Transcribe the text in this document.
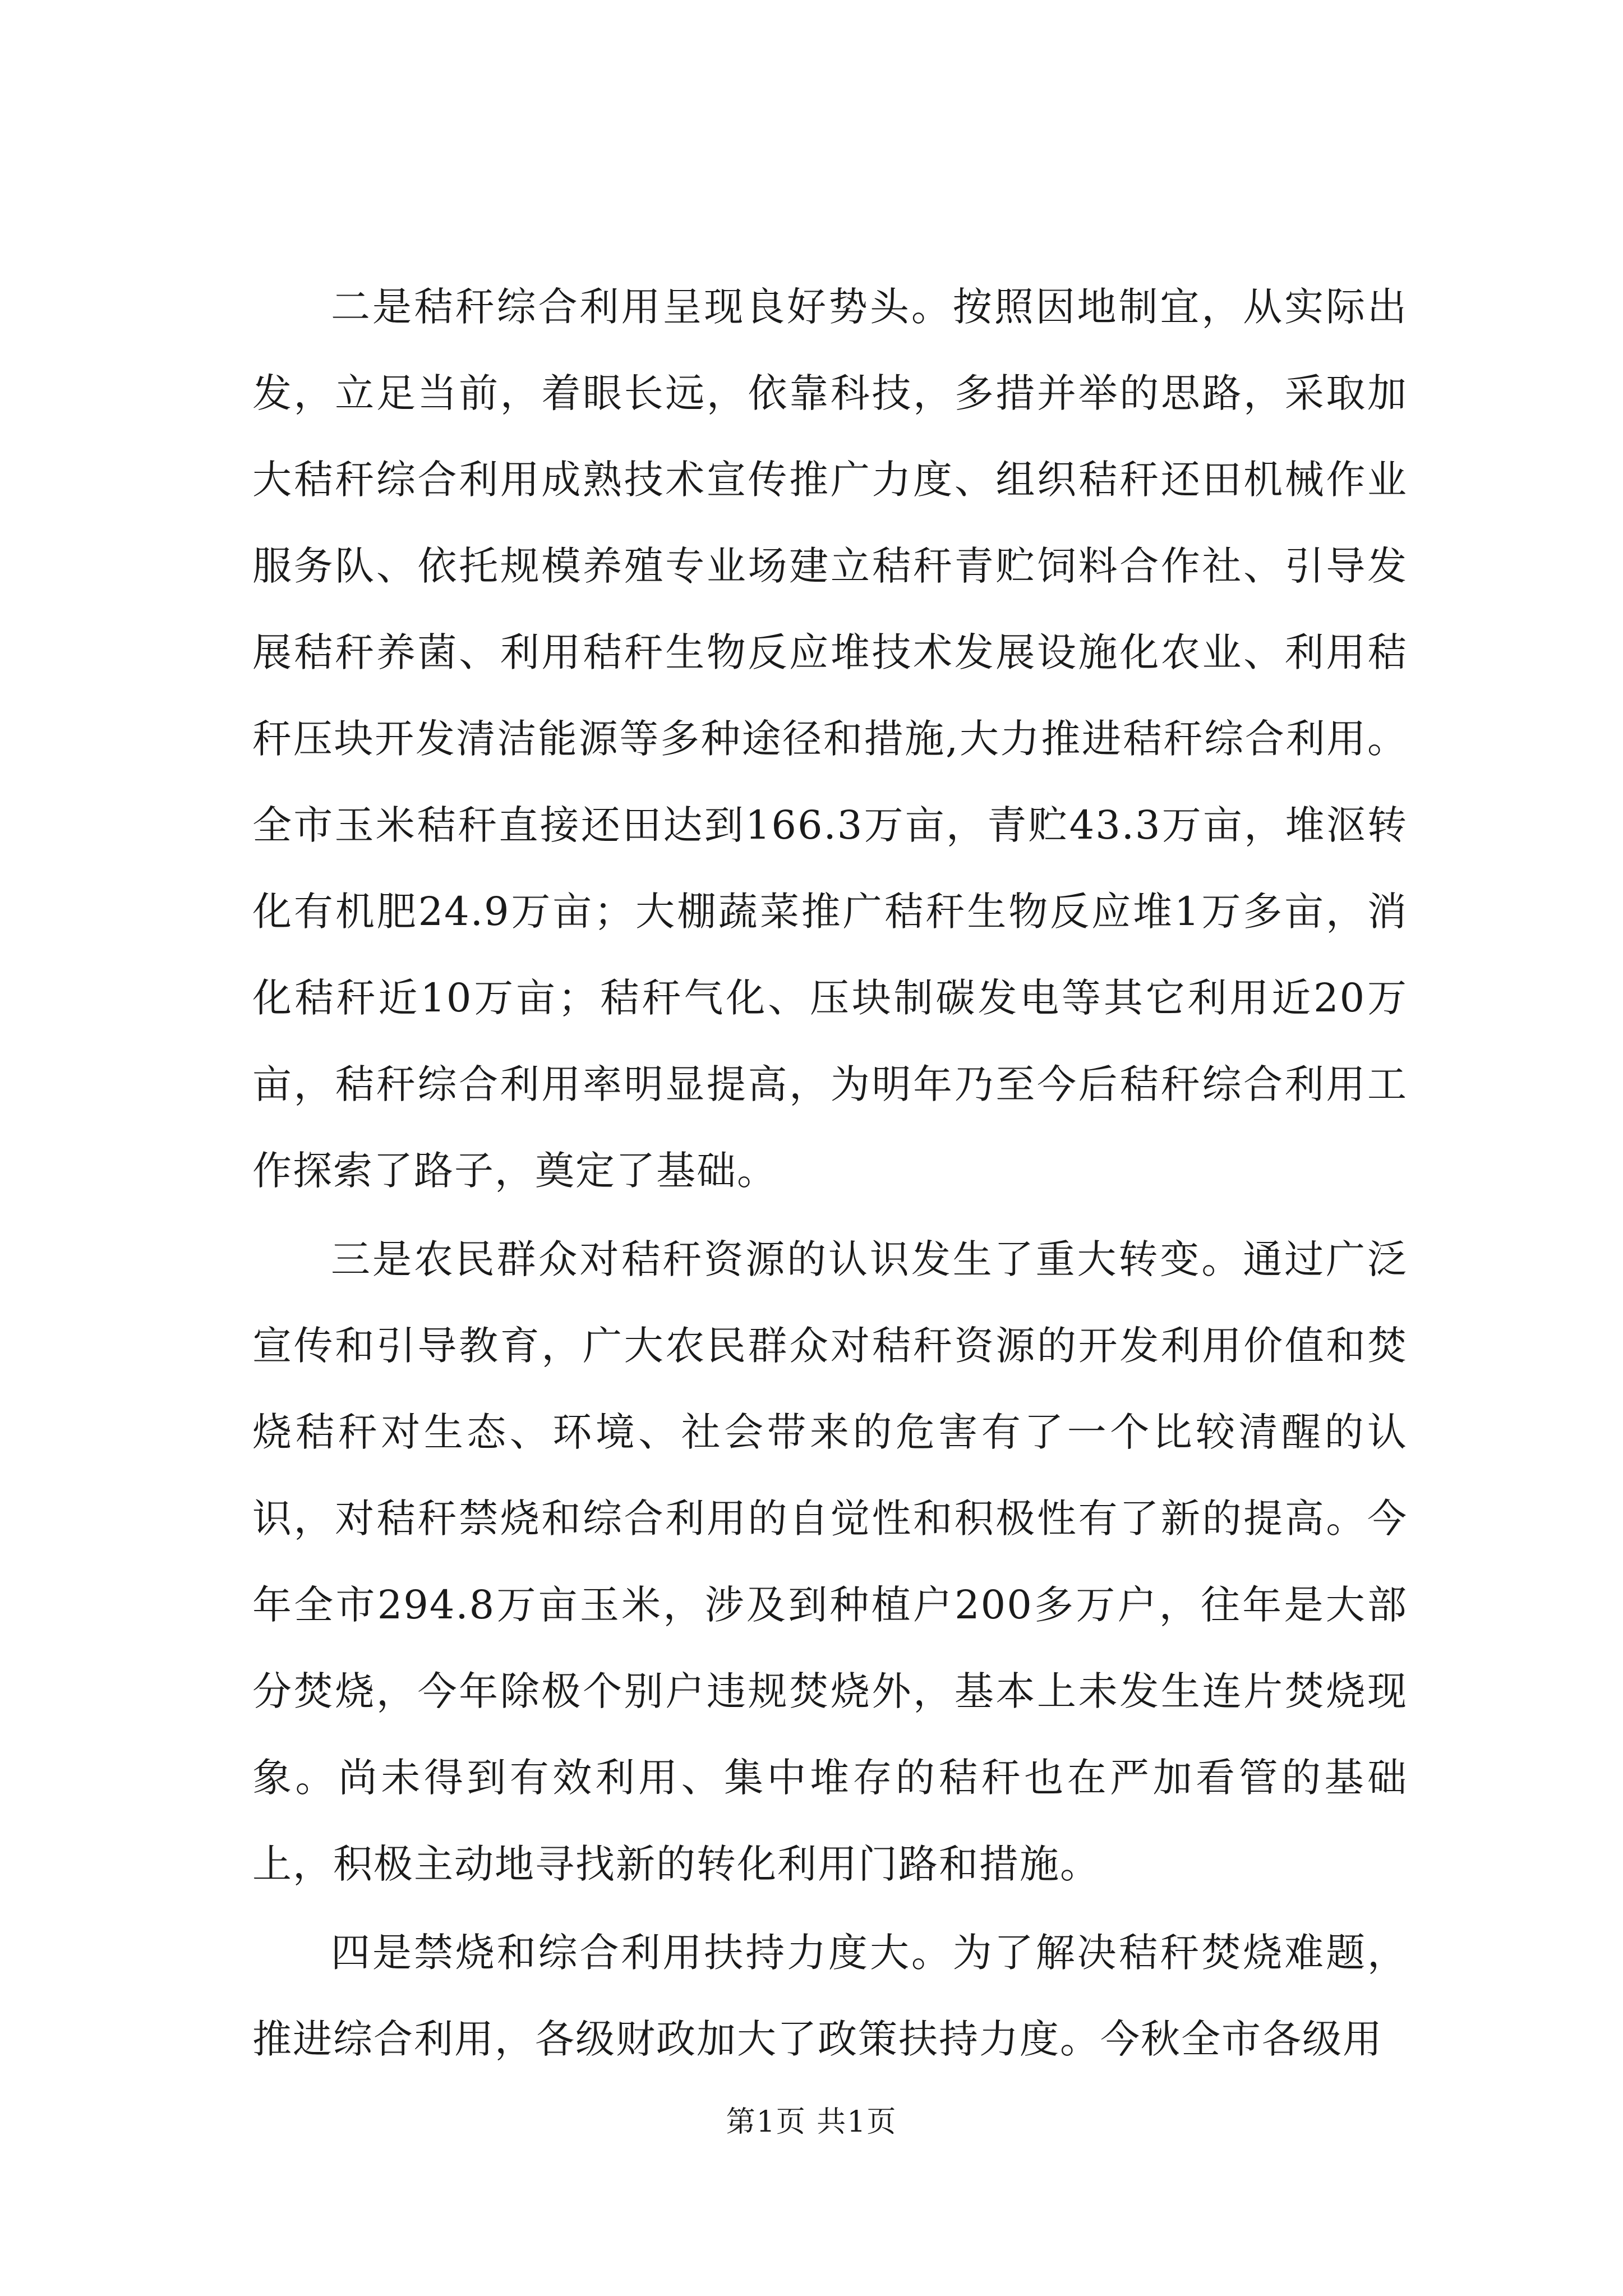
二是秸秆综合利用呈现良好势头。按照因地制宜，从实际出发，立足当前，着眼长远，依靠科技，多措并举的思路，采取加大秸秆综合利用成熟技术宣传推广力度、组织秸秆还田机械作业服务队、依托规模养殖专业场建立秸秆青贮饲料合作社、引导发展秸秆养菌、利用秸秆生物反应堆技术发展设施化农业、利用秸秆压块开发清洁能源等多种途径和措施,大力推进秸秆综合利用。全市玉米秸秆直接还田达到166.3万亩，青贮43.3万亩，堆沤转化有机肥24.9万亩；大棚蔬菜推广秸秆生物反应堆1万多亩，消化秸秆近10万亩；秸秆气化、压块制碳发电等其它利用近20万亩，秸秆综合利用率明显提高，为明年乃至今后秸秆综合利用工作探索了路子，奠定了基础。

三是农民群众对秸秆资源的认识发生了重大转变。通过广泛宣传和引导教育，广大农民群众对秸秆资源的开发利用价值和焚烧秸秆对生态、环境、社会带来的危害有了一个比较清醒的认识，对秸秆禁烧和综合利用的自觉性和积极性有了新的提高。今年全市294.8万亩玉米，涉及到种植户200多万户，往年是大部分焚烧，今年除极个别户违规焚烧外，基本上未发生连片焚烧现象。尚未得到有效利用、集中堆存的秸秆也在严加看管的基础上，积极主动地寻找新的转化利用门路和措施。

四是禁烧和综合利用扶持力度大。为了解决秸秆焚烧难题，推进综合利用，各级财政加大了政策扶持力度。今秋全市各级用

第1页 共1页
